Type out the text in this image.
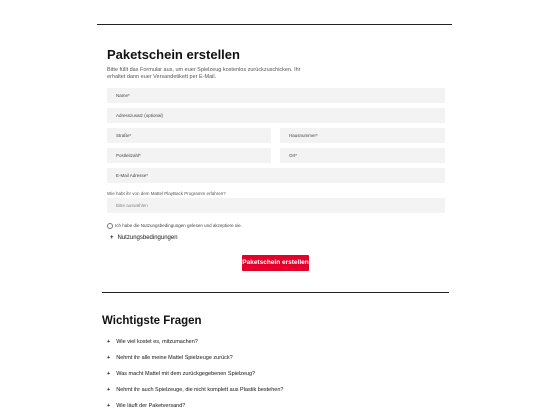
Paketschein erstellen
Bitte füllt das Formular aus, um euer Spielzeug kostenlos zurückzuschicken. Ihr erhaltet dann euer Versandetikett per E-Mail.
Name*
Adresszusatz (optional)
Straße*	Hausnummer*
Postleitzahl*	Ort*
E-Mail Adresse*
Wie habt ihr von dem Mattel PlayBack Programm erfahren?
Bitte auswählen
Ich habe die Nutzungsbedingungen gelesen und akzeptiere sie.
+ Nutzungsbedingungen
Paketschein erstellen
Wichtigste Fragen
+ Wie viel kostet es, mitzumachen?
+ Nehmt ihr alle meine Mattel Spielzeuge zurück?
+ Was macht Mattel mit dem zurückgegebenen Spielzeug?
+ Nehmt ihr auch Spielzeuge, die nicht komplett aus Plastik bestehen?
+ Wie läuft der Paketversand?
